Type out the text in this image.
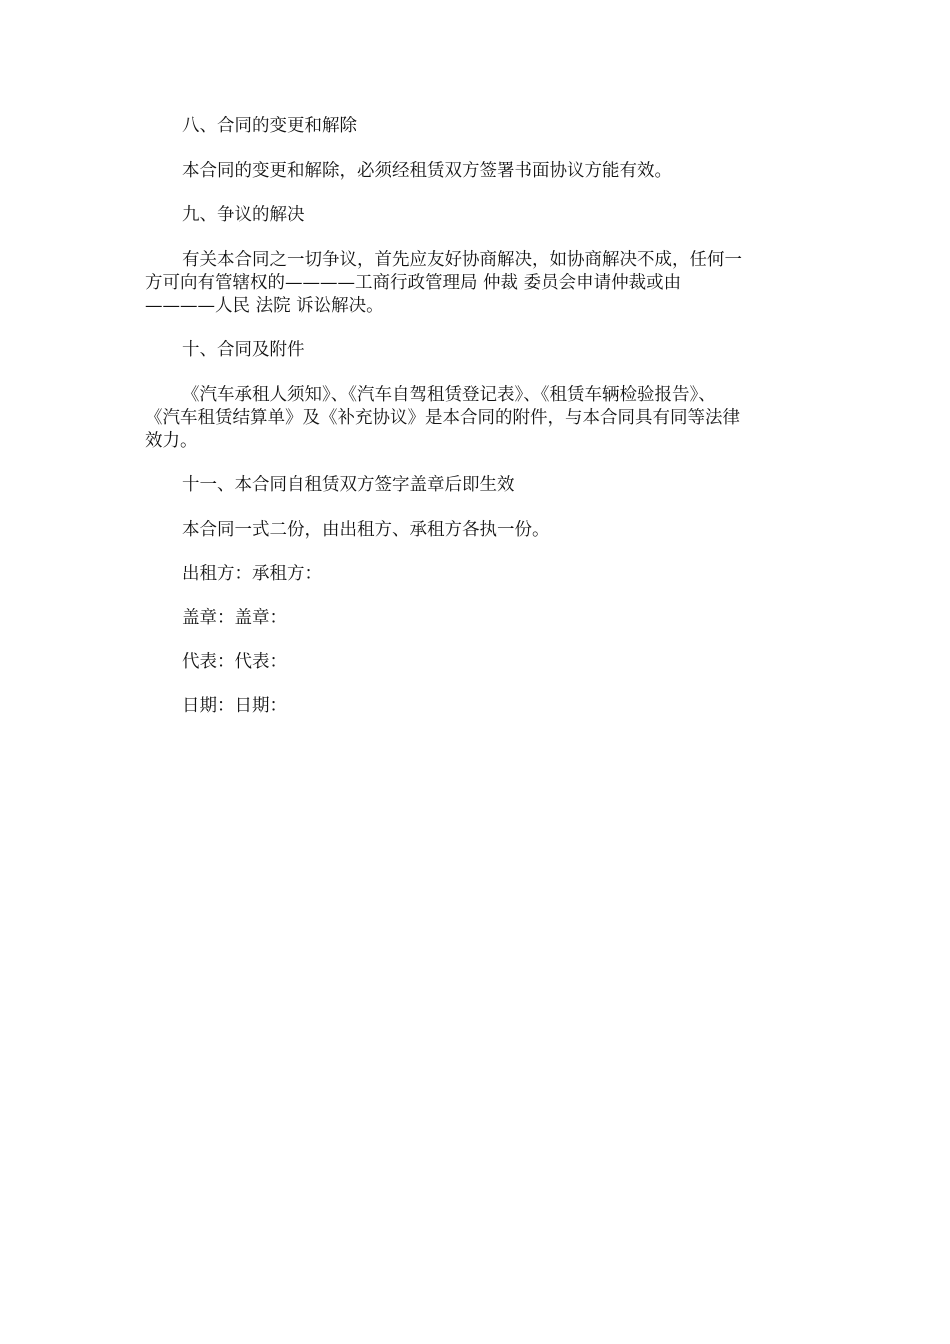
八、合同的变更和解除

本合同的变更和解除，必须经租赁双方签署书面协议方能有效。

九、争议的解决

有关本合同之一切争议，首先应友好协商解决，如协商解决不成，任何一
方可向有管辖权的————工商行政管理局 仲裁 委员会申请仲裁或由
————人民 法院 诉讼解决。

十、合同及附件

《汽车承租人须知》、《汽车自驾租赁登记表》、《租赁车辆检验报告》、
《汽车租赁结算单》及《补充协议》是本合同的附件，与本合同具有同等法律
效力。

十一、本合同自租赁双方签字盖章后即生效

本合同一式二份，由出租方、承租方各执一份。

出租方：承租方：

盖章：盖章：

代表：代表：

日期：日期：
